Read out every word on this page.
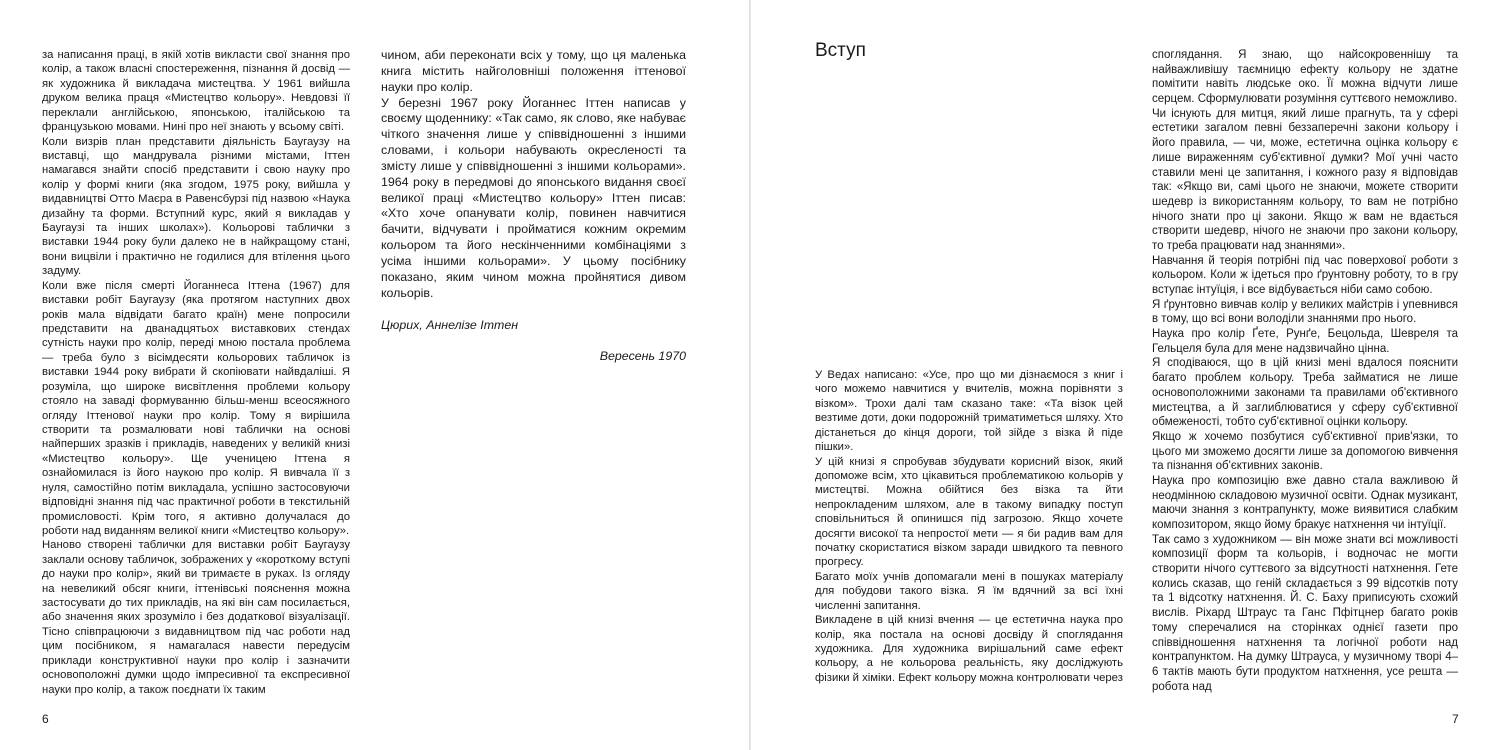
за написання праці, в якій хотів викласти свої знання про колір, а також власні спостереження, пізнання й досвід — як художника й викладача мистецтва. У 1961 вийшла друком велика праця «Мистецтво кольору». Невдовзі її переклали англійською, японською, італійською та французькою мовами. Нині про неї знають у всьому світі.

Коли визрів план представити діяльність Баугаузу на виставці, що мандрувала різними містами, Іттен намагався знайти спосіб представити і свою науку про колір у формі книги (яка згодом, 1975 року, вийшла у видавництві Отто Маєра в Равенсбурзі під назвою «Наука дизайну та форми. Вступний курс, який я викладав у Баугаузі та інших школах»). Кольорові таблички з виставки 1944 року були далеко не в найкращому стані, вони вицвіли і практично не годилися для втілення цього задуму.

Коли вже після смерті Йоганнеса Іттена (1967) для виставки робіт Баугаузу (яка протягом наступних двох років мала відвідати багато країн) мене попросили представити на дванадцятьох виставкових стендах сутність науки про колір, переді мною постала проблема — треба було з вісімдесяти кольорових табличок із виставки 1944 року вибрати й скопіювати найвдаліші. Я розуміла, що широке висвітлення проблеми кольору стояло на заваді формуванню більш-менш всеосяжного огляду Іттенової науки про колір. Тому я вирішила створити та розмалювати нові таблички на основі найперших зразків і прикладів, наведених у великій книзі «Мистецтво кольору». Ще ученицею Іттена я ознайомилася із його наукою про колір. Я вивчала її з нуля, самостійно потім викладала, успішно застосовуючи відповідні знання під час практичної роботи в текстильній промисловості. Крім того, я активно долучалася до роботи над виданням великої книги «Мистецтво кольору».

Наново створені таблички для виставки робіт Баугаузу заклали основу табличок, зображених у «короткому вступі до науки про колір», який ви тримаєте в руках. Із огляду на невеликий обсяг книги, іттенівські пояснення можна застосувати до тих прикладів, на які він сам посилається, або значення яких зрозуміло і без додаткової візуалізації. Тісно співпрацюючи з видавництвом під час роботи над цим посібником, я намагалася навести передусім приклади конструктивної науки про колір і зазначити основоположні думки щодо імпресивної та експресивної науки про колір, а також поєднати їх таким

чином, аби переконати всіх у тому, що ця маленька книга містить найголовніші положення іттенової науки про колір.

У березні 1967 року Йоганнес Іттен написав у своєму щоденнику: «Так само, як слово, яке набуває чіткого значення лише у співвідношенні з іншими словами, і кольори набувають окресленості та змісту лише у співвідношенні з іншими кольорами». 1964 року в передмові до японського видання своєї великої праці «Мистецтво кольору» Іттен писав: «Хто хоче опанувати колір, повинен навчитися бачити, відчувати і пройматися кожним окремим кольором та його нескінченними комбінаціями з усіма іншими кольорами». У цьому посібнику показано, яким чином можна пройнятися дивом кольорів.

Цюрих, Аннелізе Іттен

Вересень 1970

6
Вступ

У Ведах написано: «Усе, про що ми дізнаємося з книг і чого можемо навчитися у вчителів, можна порівняти з візком». Трохи далі там сказано таке: «Та візок цей везтиме доти, доки подорожній триматиметься шляху. Хто дістанеться до кінця дороги, той зійде з візка й піде пішки».

У цій книзі я спробував збудувати корисний візок, який допоможе всім, хто цікавиться проблематикою кольорів у мистецтві. Можна обійтися без візка та йти непрокладеним шляхом, але в такому випадку поступ сповільниться й опинишся під загрозою. Якщо хочете досягти високої та непростої мети — я би радив вам для початку скористатися візком заради швидкого та певного прогресу.

Багато моїх учнів допомагали мені в пошуках матеріалу для побудови такого візка. Я їм вдячний за всі їхні численні запитання.

Викладене в цій книзі вчення — це естетична наука про колір, яка постала на основі досвіду й споглядання художника. Для художника вирішальний саме ефект кольору, а не кольорова реальність, яку досліджують фізики й хіміки. Ефект кольору можна контролювати через

споглядання. Я знаю, що найсокровеннішу та найважливішу таємницю ефекту кольору не здатне помітити навіть людське око. Її можна відчути лише серцем. Сформулювати розуміння суттєвого неможливо.

Чи існують для митця, який лише прагнуть, та у сфері естетики загалом певні беззаперечні закони кольору і його правила, — чи, може, естетична оцінка кольору є лише вираженням суб'єктивної думки? Мої учні часто ставили мені це запитання, і кожного разу я відповідав так: «Якщо ви, самі цього не знаючи, можете створити шедевр із використанням кольору, то вам не потрібно нічого знати про ці закони. Якщо ж вам не вдається створити шедевр, нічого не знаючи про закони кольору, то треба працювати над знаннями».

Навчання й теорія потрібні під час поверхової роботи з кольором. Коли ж ідеться про ґрунтовну роботу, то в гру вступає інтуїція, і все відбувається ніби само собою.

Я ґрунтовно вивчав колір у великих майстрів і упевнився в тому, що всі вони володіли знаннями про нього.

Наука про колір Ґете, Рунґе, Бецольда, Шевреля та Гельцеля була для мене надзвичайно цінна.

Я сподіваюся, що в цій книзі мені вдалося пояснити багато проблем кольору. Треба займатися не лише основоположними законами та правилами об'єктивного мистецтва, а й заглиблюватися у сферу суб'єктивної обмеженості, тобто суб'єктивної оцінки кольору.

Якщо ж хочемо позбутися суб'єктивної прив'язки, то цього ми зможемо досягти лише за допомогою вивчення та пізнання об'єктивних законів.

Наука про композицію вже давно стала важливою й неодмінною складовою музичної освіти. Однак музикант, маючи знання з контрапункту, може виявитися слабким композитором, якщо йому бракує натхнення чи інтуїції.

Так само з художником — він може знати всі можливості композиції форм та кольорів, і водночас не могти створити нічого суттєвого за відсутності натхнення. Гете колись сказав, що геній складається з 99 відсотків поту та 1 відсотку натхнення. Й. С. Баху приписують схожий вислів. Ріхард Штраус та Ганс Пфітцнер багато років тому сперечалися на сторінках однієї газети про співвідношення натхнення та логічної роботи над контрапунктом. На думку Штрауса, у музичному творі 4–6 тактів мають бути продуктом натхнення, усе решта — робота над

7
